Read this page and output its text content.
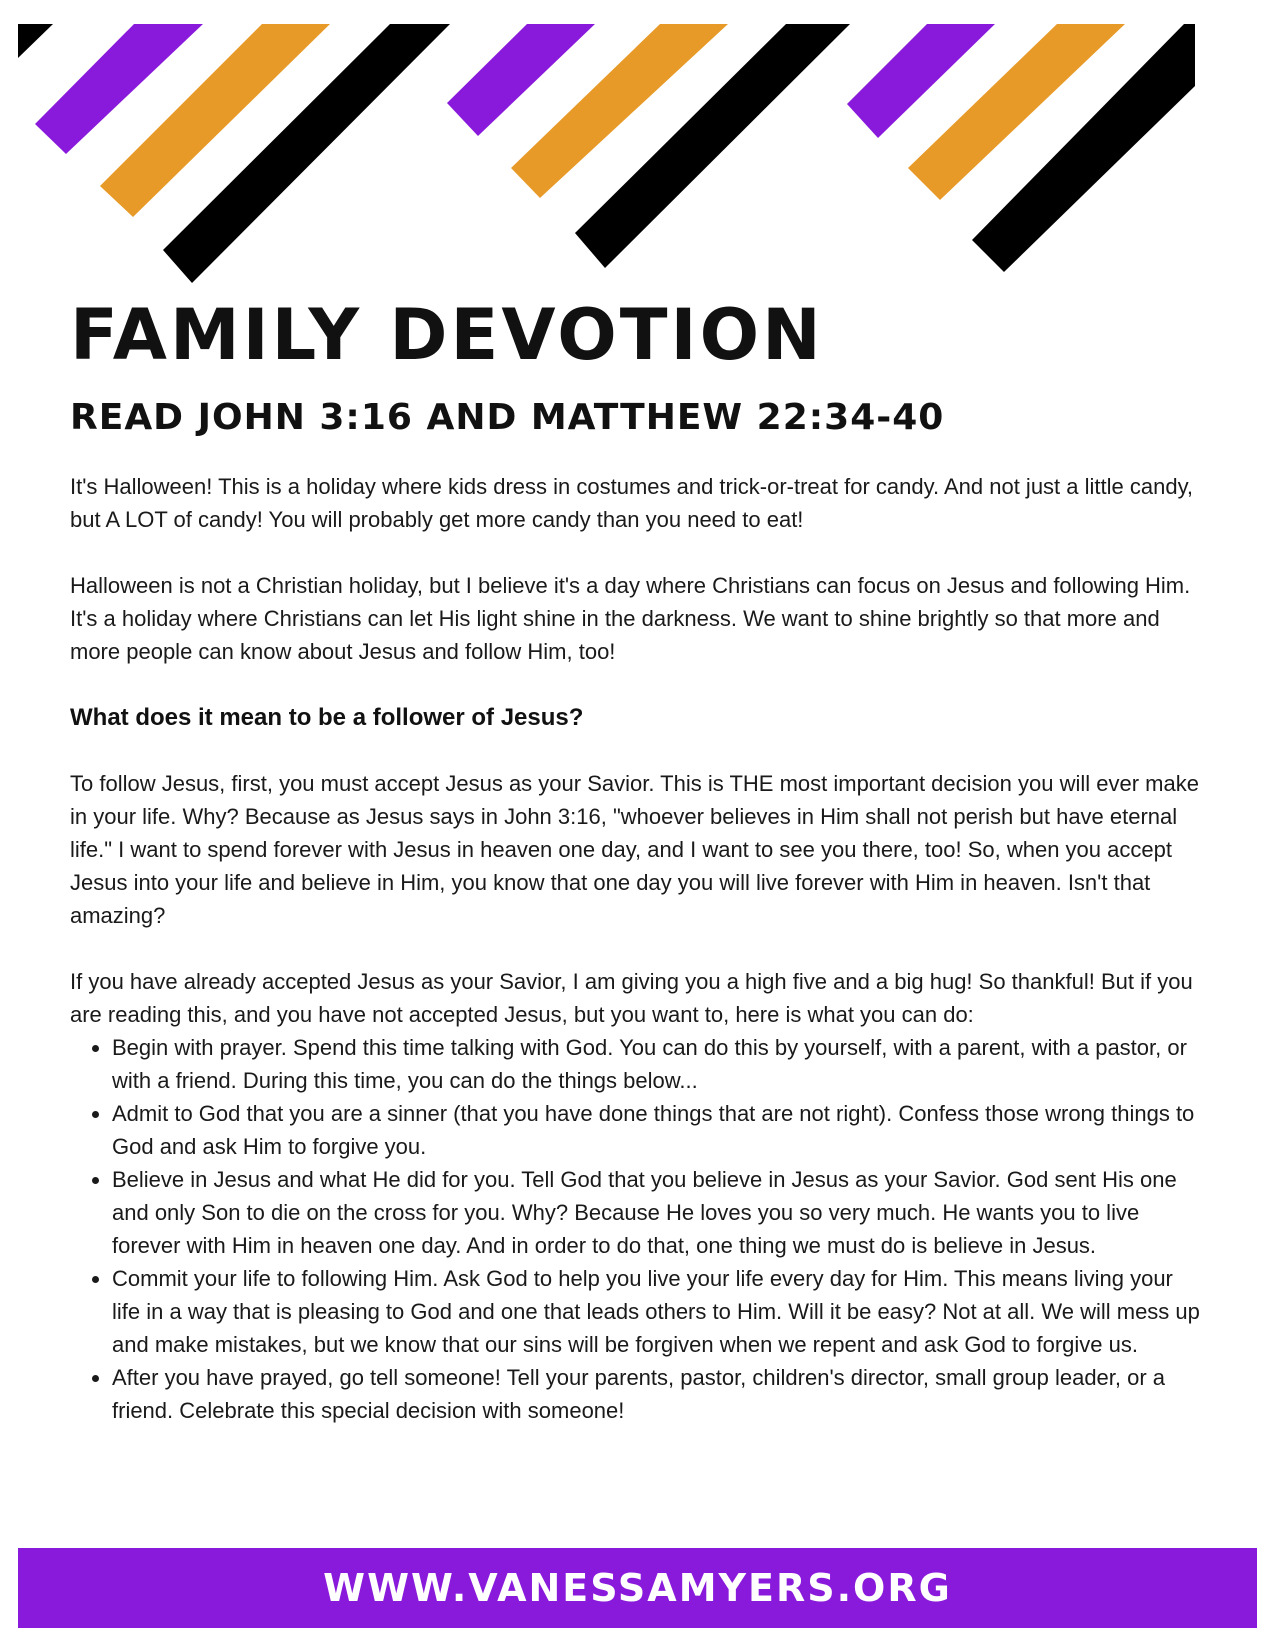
FAMILY DEVOTION
READ JOHN 3:16 AND MATTHEW 22:34-40

It's Halloween! This is a holiday where kids dress in costumes and trick-or-treat for candy. And not just a little candy, but A LOT of candy! You will probably get more candy than you need to eat!

Halloween is not a Christian holiday, but I believe it's a day where Christians can focus on Jesus and following Him. It's a holiday where Christians can let His light shine in the darkness. We want to shine brightly so that more and more people can know about Jesus and follow Him, too!

What does it mean to be a follower of Jesus?

To follow Jesus, first, you must accept Jesus as your Savior. This is THE most important decision you will ever make in your life. Why? Because as Jesus says in John 3:16, "whoever believes in Him shall not perish but have eternal life." I want to spend forever with Jesus in heaven one day, and I want to see you there, too! So, when you accept Jesus into your life and believe in Him, you know that one day you will live forever with Him in heaven. Isn't that amazing?

If you have already accepted Jesus as your Savior, I am giving you a high five and a big hug! So thankful! But if you are reading this, and you have not accepted Jesus, but you want to, here is what you can do:

• Begin with prayer. Spend this time talking with God. You can do this by yourself, with a parent, with a pastor, or with a friend. During this time, you can do the things below...
• Admit to God that you are a sinner (that you have done things that are not right). Confess those wrong things to God and ask Him to forgive you.
• Believe in Jesus and what He did for you. Tell God that you believe in Jesus as your Savior. God sent His one and only Son to die on the cross for you. Why? Because He loves you so very much. He wants you to live forever with Him in heaven one day. And in order to do that, one thing we must do is believe in Jesus.
• Commit your life to following Him. Ask God to help you live your life every day for Him. This means living your life in a way that is pleasing to God and one that leads others to Him. Will it be easy? Not at all. We will mess up and make mistakes, but we know that our sins will be forgiven when we repent and ask God to forgive us.
• After you have prayed, go tell someone! Tell your parents, pastor, children's director, small group leader, or a friend. Celebrate this special decision with someone!
WWW.VANESSAMYERS.ORG
